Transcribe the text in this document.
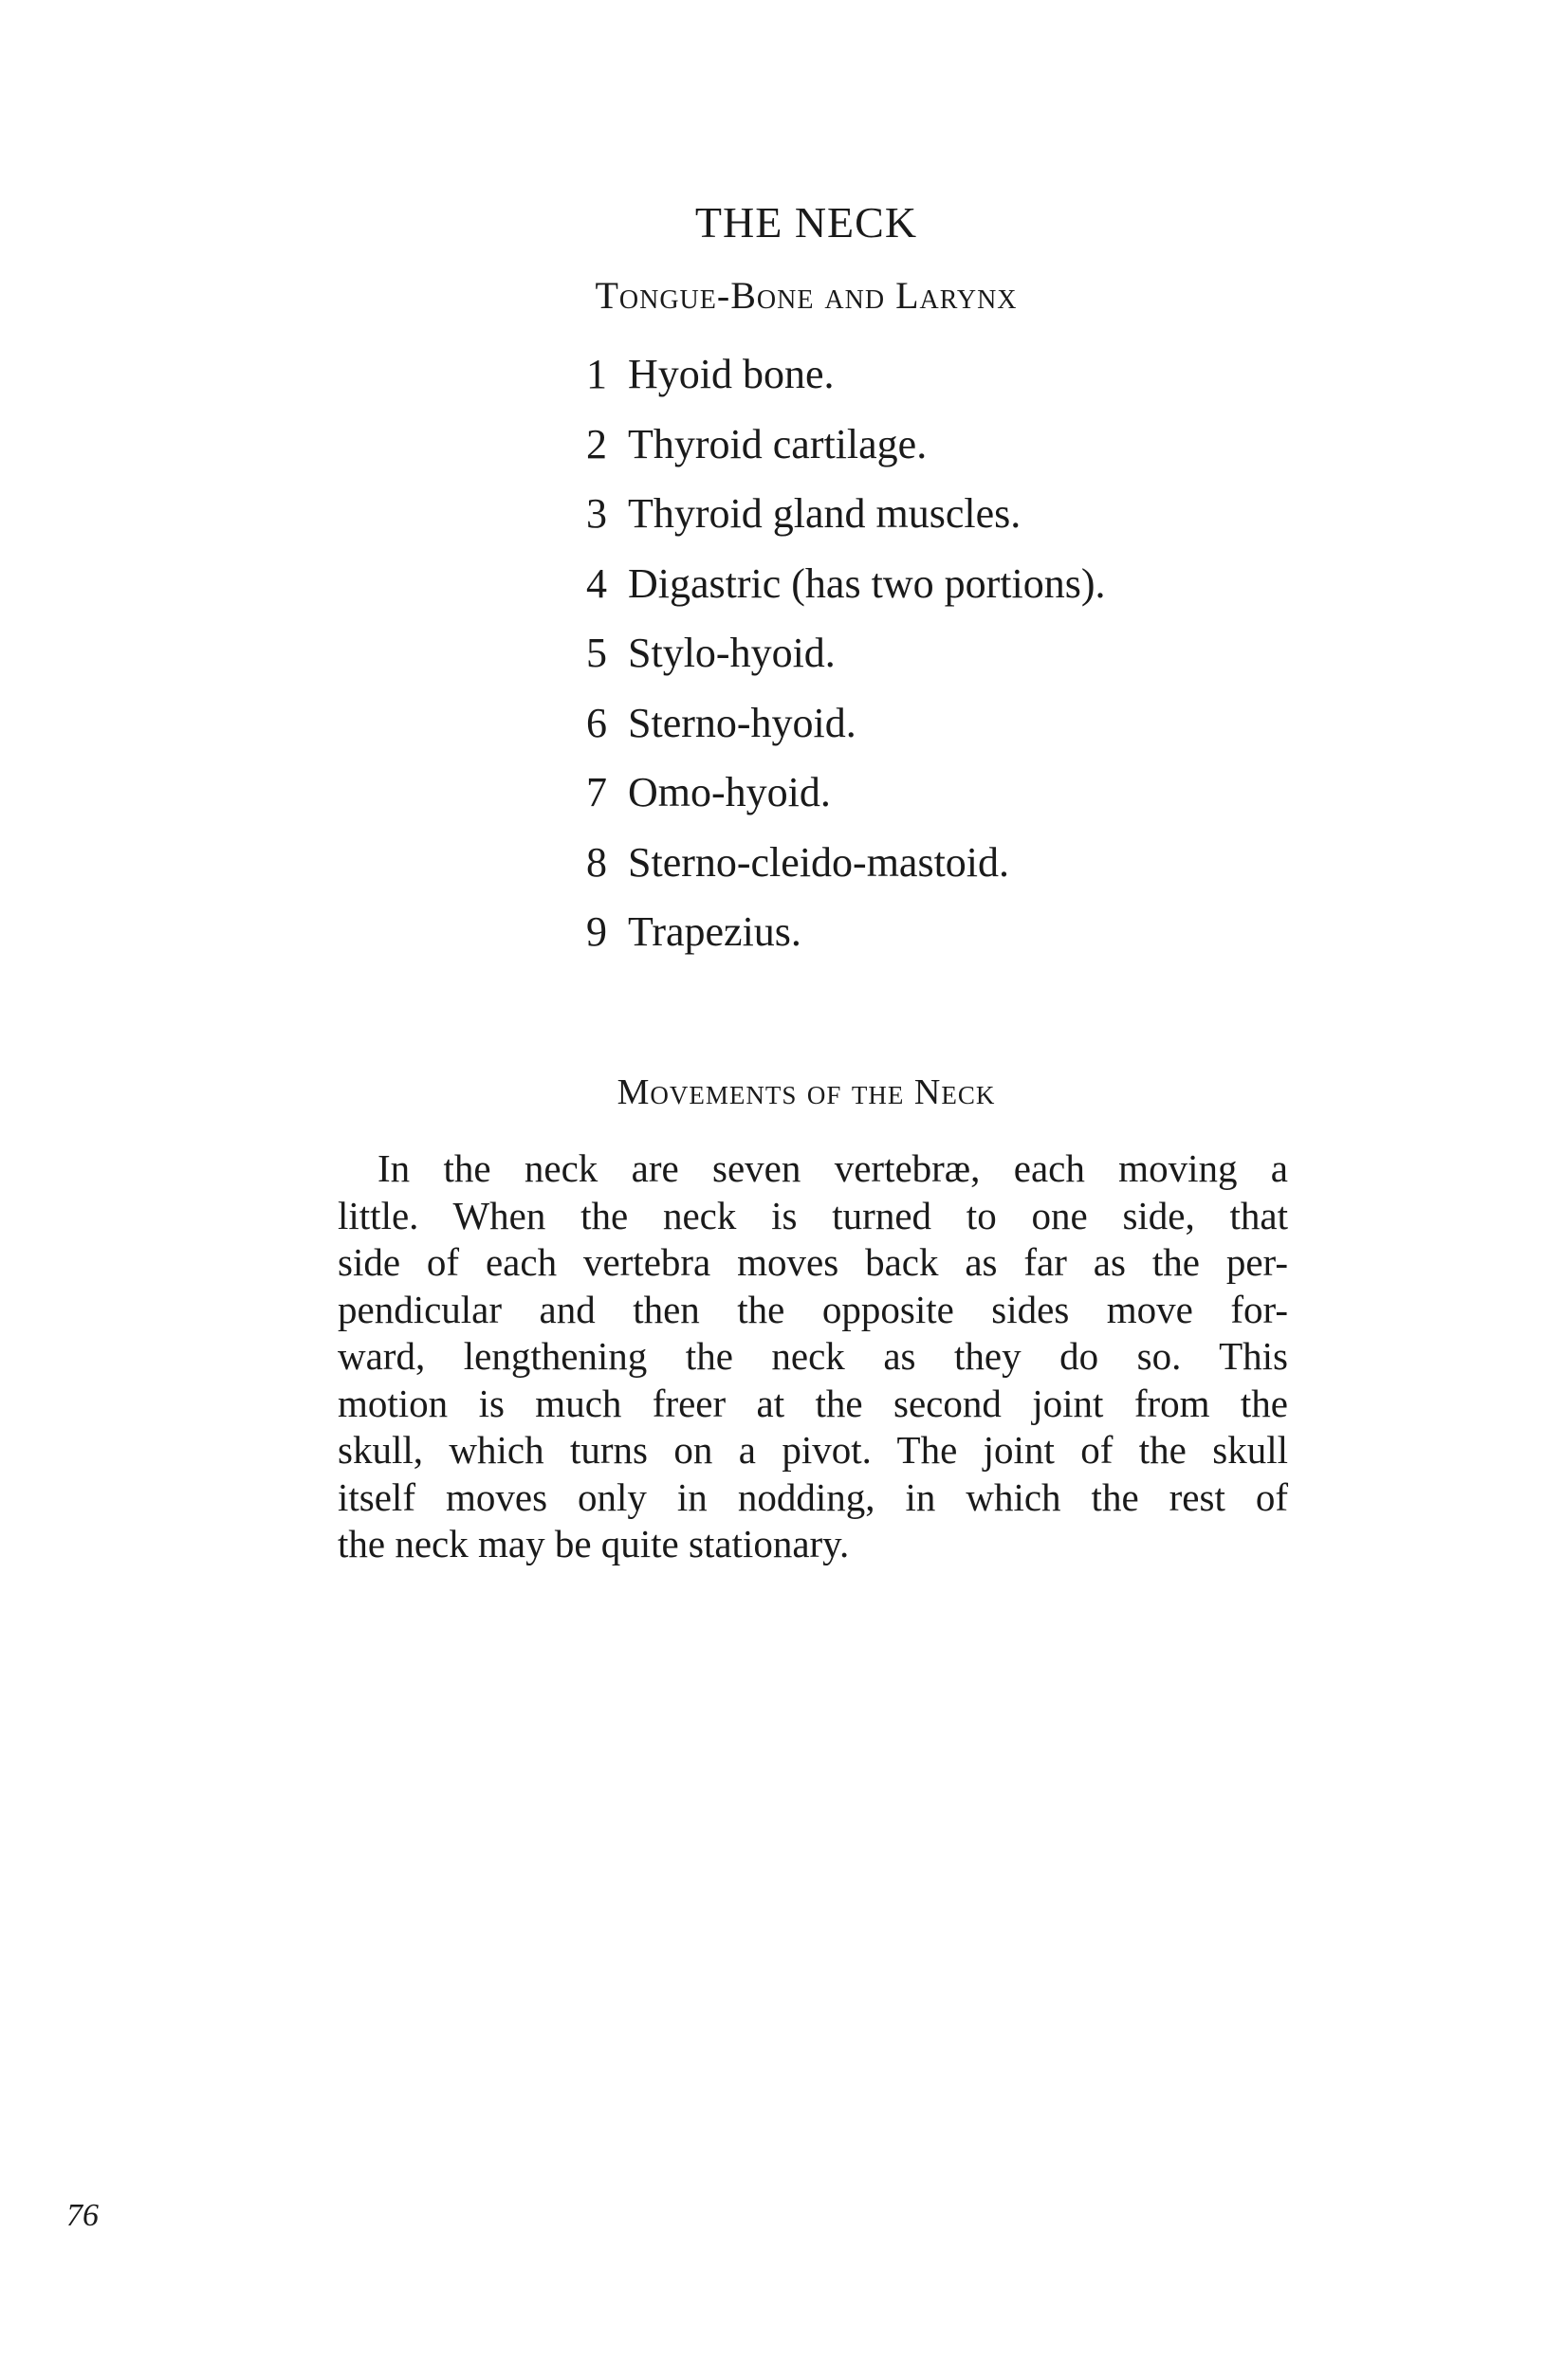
THE NECK
Tongue-Bone and Larynx
1 Hyoid bone.
2 Thyroid cartilage.
3 Thyroid gland muscles.
4 Digastric (has two portions).
5 Stylo-hyoid.
6 Sterno-hyoid.
7 Omo-hyoid.
8 Sterno-cleido-mastoid.
9 Trapezius.
Movements of the Neck

In the neck are seven vertebræ, each moving a
little. When the neck is turned to one side, that
side of each vertebra moves back as far as the per-
pendicular and then the opposite sides move for-
ward, lengthening the neck as they do so. This
motion is much freer at the second joint from the
skull, which turns on a pivot. The joint of the skull
itself moves only in nodding, in which the rest of
the neck may be quite stationary.

76
